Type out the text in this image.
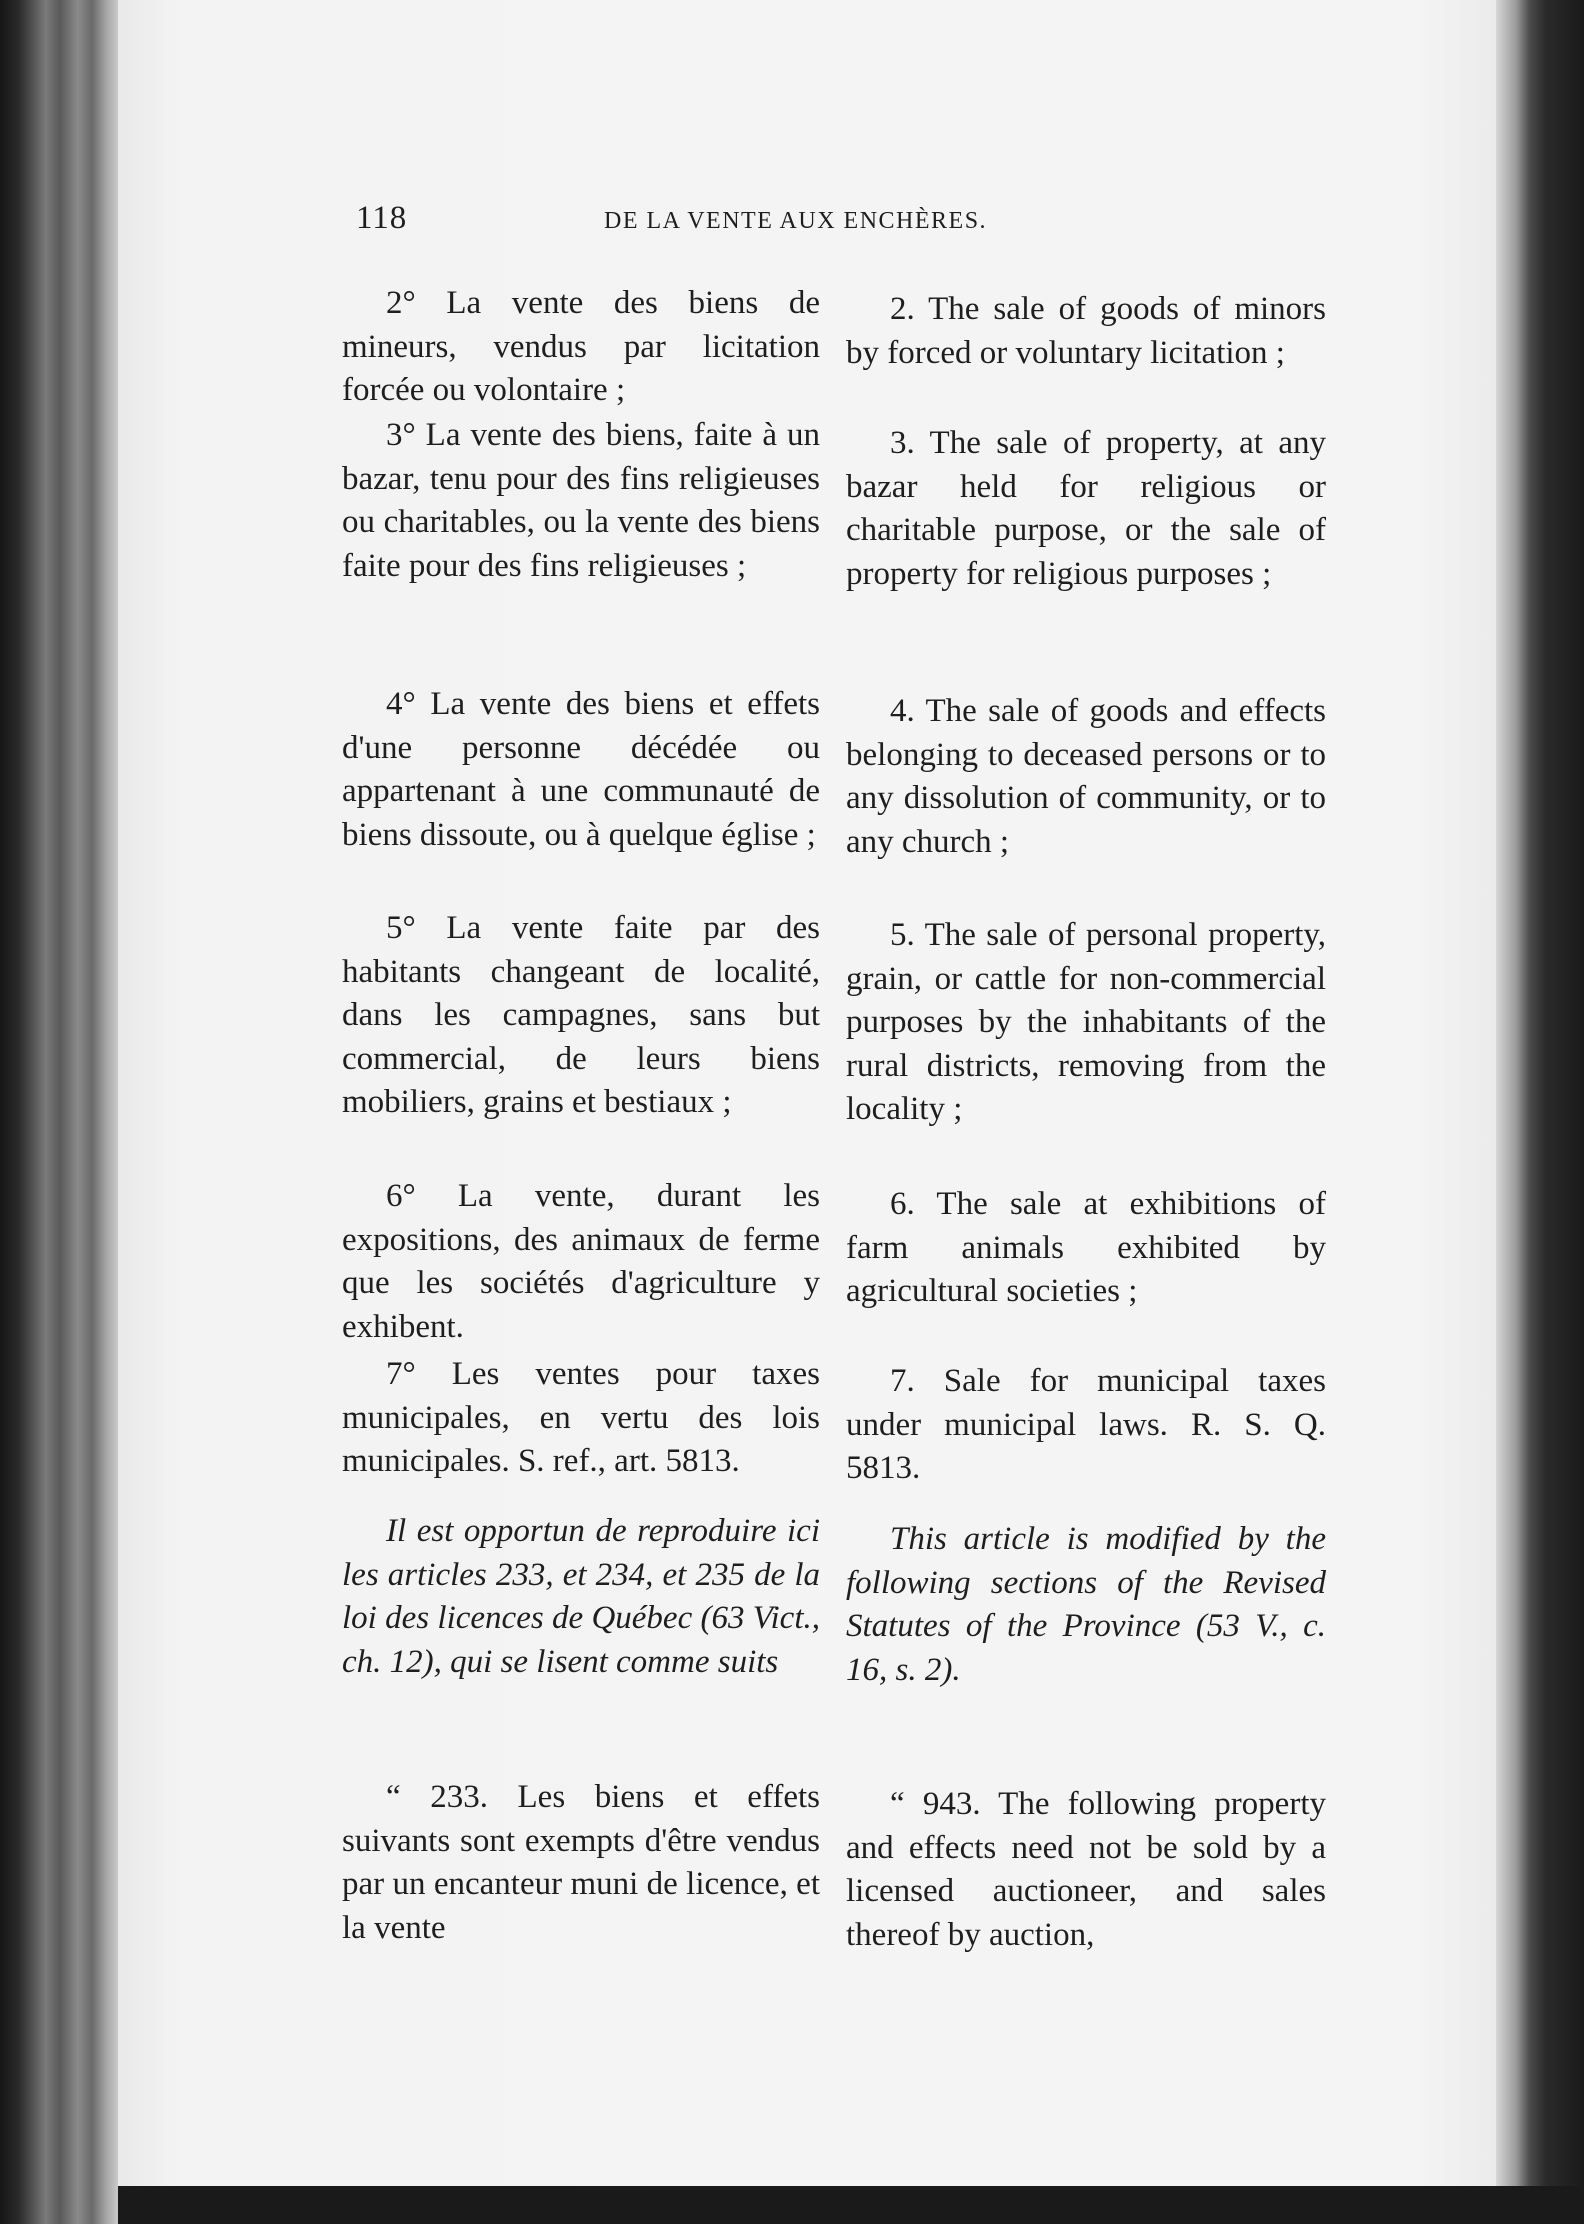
118	DE LA VENTE AUX ENCHÈRES.
2° La vente des biens de mineurs, vendus par licitation forcée ou volontaire ;
3° La vente des biens, faite à un bazar, tenu pour des fins religieuses ou charitables, ou la vente des biens faite pour des fins religieuses ;
4° La vente des biens et effets d'une personne décédée ou appartenant à une communauté de biens dissoute, ou à quelque église ;
5° La vente faite par des habitants changeant de localité, dans les campagnes, sans but commercial, de leurs biens mobiliers, grains et bestiaux ;
6° La vente, durant les expositions, des animaux de ferme que les sociétés d'agriculture y exhibent.
7° Les ventes pour taxes municipales, en vertu des lois municipales. S. ref., art. 5813.
Il est opportun de reproduire ici les articles 233, et 234, et 235 de la loi des licences de Québec (63 Vict., ch. 12), qui se lisent comme suits
“ 233. Les biens et effets suivants sont exempts d'être vendus par un encanteur muni de licence, et la vente
2. The sale of goods of minors by forced or voluntary licitation ;
3. The sale of property, at any bazar held for religious or charitable purpose, or the sale of property for religious purposes ;
4. The sale of goods and effects belonging to deceased persons or to any dissolution of community, or to any church ;
5. The sale of personal property, grain, or cattle for non-commercial purposes by the inhabitants of the rural districts, removing from the locality ;
6. The sale at exhibitions of farm animals exhibited by agricultural societies ;
7. Sale for municipal taxes under municipal laws. R. S. Q. 5813.
This article is modified by the following sections of the Revised Statutes of the Province (53 V., c. 16, s. 2).
“ 943. The following property and effects need not be sold by a licensed auctioneer, and sales thereof by auction,
